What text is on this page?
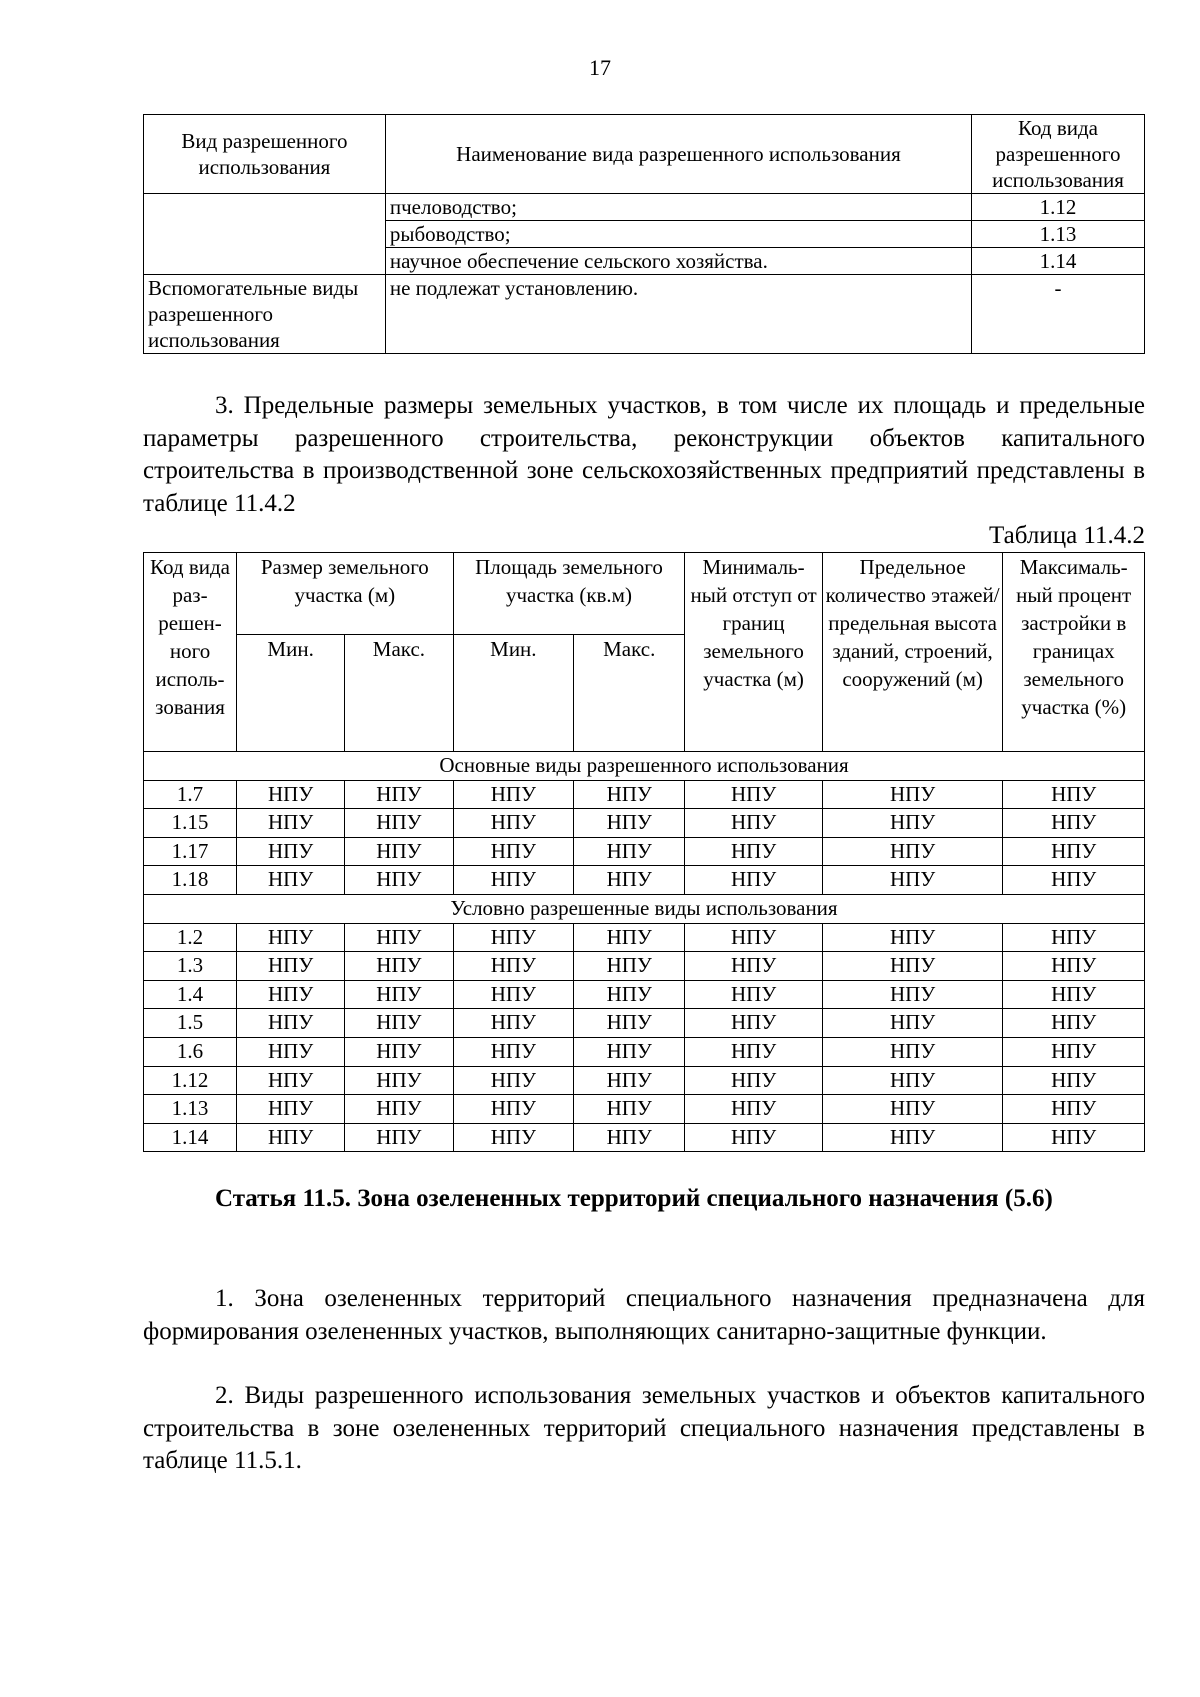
17
Вид разрешенного использования	Наименование вида разрешенного использования	Код вида разрешенного использования
	пчеловодство;	1.12
	рыбоводство;	1.13
	научное обеспечение сельского хозяйства.	1.14
Вспомогательные виды разрешенного использования	не подлежат установлению.	-
3. Предельные размеры земельных участков, в том числе их площадь и предельные параметры разрешенного строительства, реконструкции объектов капитального строительства в производственной зоне сельскохозяйственных предприятий представлены в таблице 11.4.2
Таблица 11.4.2
Код вида раз-решен-ного исполь-зования	Размер земельного участка (м)		Площадь земельного участка (кв.м)		Минималь-ный отступ от границ земельного участка (м)	Предельное количество этажей/ предельная высота зданий, строений, сооружений (м)	Максималь-ный процент застройки в границах земельного участка (%)
	Мин.	Макс.	Мин.	Макс.			
Основные виды разрешенного использования							
1.7	НПУ	НПУ	НПУ	НПУ	НПУ	НПУ	НПУ
1.15	НПУ	НПУ	НПУ	НПУ	НПУ	НПУ	НПУ
1.17	НПУ	НПУ	НПУ	НПУ	НПУ	НПУ	НПУ
1.18	НПУ	НПУ	НПУ	НПУ	НПУ	НПУ	НПУ
Условно разрешенные виды использования							
1.2	НПУ	НПУ	НПУ	НПУ	НПУ	НПУ	НПУ
1.3	НПУ	НПУ	НПУ	НПУ	НПУ	НПУ	НПУ
1.4	НПУ	НПУ	НПУ	НПУ	НПУ	НПУ	НПУ
1.5	НПУ	НПУ	НПУ	НПУ	НПУ	НПУ	НПУ
1.6	НПУ	НПУ	НПУ	НПУ	НПУ	НПУ	НПУ
1.12	НПУ	НПУ	НПУ	НПУ	НПУ	НПУ	НПУ
1.13	НПУ	НПУ	НПУ	НПУ	НПУ	НПУ	НПУ
1.14	НПУ	НПУ	НПУ	НПУ	НПУ	НПУ	НПУ
Статья 11.5. Зона озелененных территорий специального назначения (5.6)
1. Зона озелененных территорий специального назначения предназначена для формирования озелененных участков, выполняющих санитарно-защитные функции.
2. Виды разрешенного использования земельных участков и объектов капитального строительства в зоне озелененных территорий специального назначения представлены в таблице 11.5.1.
